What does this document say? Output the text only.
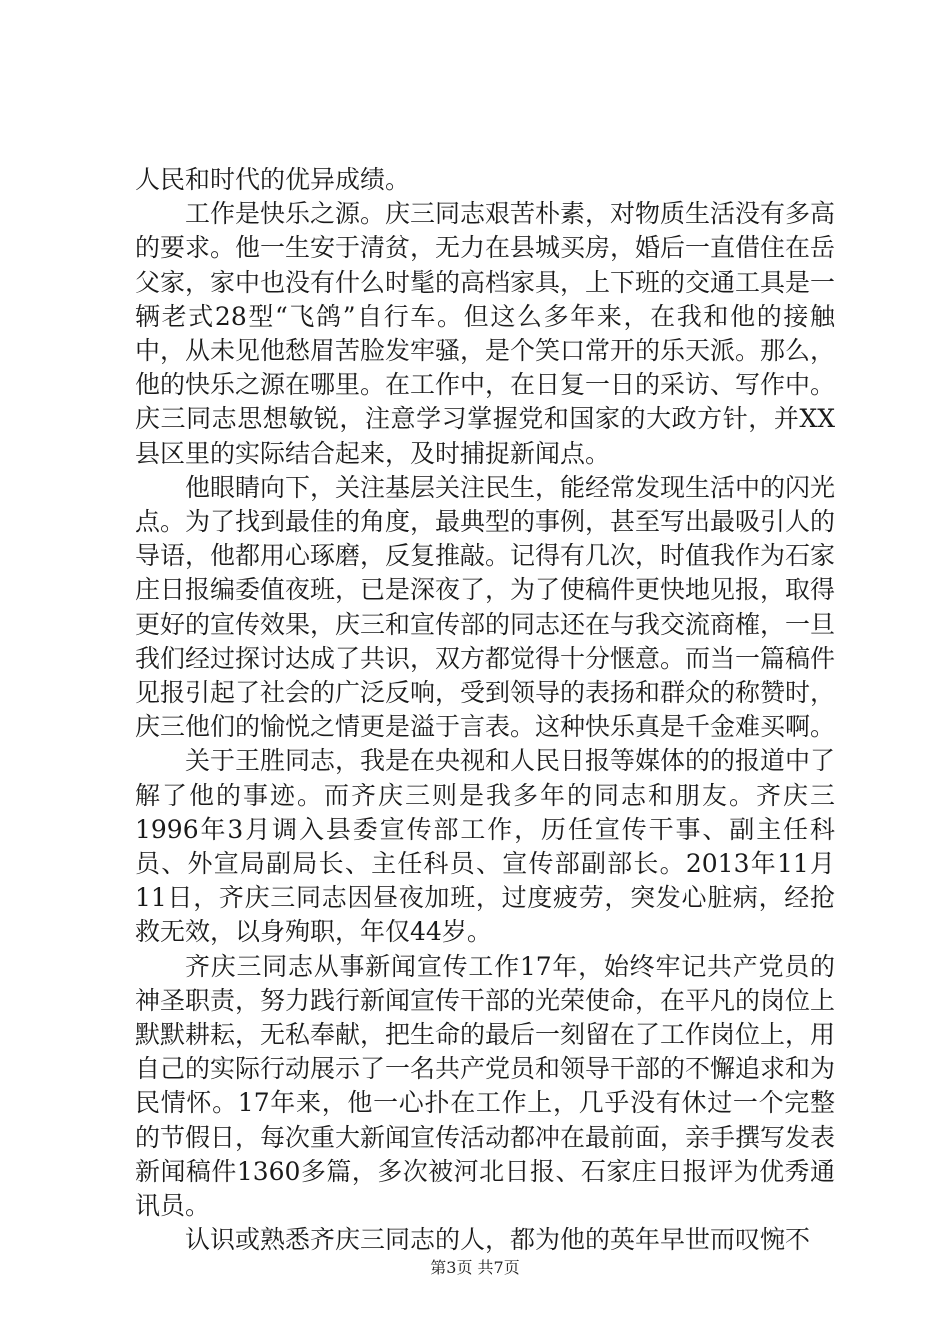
人民和时代的优异成绩。

工作是快乐之源。庆三同志艰苦朴素，对物质生活没有多高的要求。他一生安于清贫，无力在县城买房，婚后一直借住在岳父家，家中也没有什么时髦的高档家具，上下班的交通工具是一辆老式28型“飞鸽”自行车。但这么多年来，在我和他的接触中，从未见他愁眉苦脸发牢骚，是个笑口常开的乐天派。那么，他的快乐之源在哪里。在工作中，在日复一日的采访、写作中。庆三同志思想敏锐，注意学习掌握党和国家的大政方针，并XX县区里的实际结合起来，及时捕捉新闻点。

他眼睛向下，关注基层关注民生，能经常发现生活中的闪光点。为了找到最佳的角度，最典型的事例，甚至写出最吸引人的导语，他都用心琢磨，反复推敲。记得有几次，时值我作为石家庄日报编委值夜班，已是深夜了，为了使稿件更快地见报，取得更好的宣传效果，庆三和宣传部的同志还在与我交流商榷，一旦我们经过探讨达成了共识，双方都觉得十分惬意。而当一篇稿件见报引起了社会的广泛反响，受到领导的表扬和群众的称赞时，庆三他们的愉悦之情更是溢于言表。这种快乐真是千金难买啊。

关于王胜同志，我是在央视和人民日报等媒体的的报道中了解了他的事迹。而齐庆三则是我多年的同志和朋友。齐庆三1996年3月调入县委宣传部工作，历任宣传干事、副主任科员、外宣局副局长、主任科员、宣传部副部长。2013年11月11日，齐庆三同志因昼夜加班，过度疲劳，突发心脏病，经抢救无效，以身殉职，年仅44岁。

齐庆三同志从事新闻宣传工作17年，始终牢记共产党员的神圣职责，努力践行新闻宣传干部的光荣使命，在平凡的岗位上默默耕耘，无私奉献，把生命的最后一刻留在了工作岗位上，用自己的实际行动展示了一名共产党员和领导干部的不懈追求和为民情怀。17年来，他一心扑在工作上，几乎没有休过一个完整的节假日，每次重大新闻宣传活动都冲在最前面，亲手撰写发表新闻稿件1360多篇，多次被河北日报、石家庄日报评为优秀通讯员。

认识或熟悉齐庆三同志的人，都为他的英年早世而叹惋不

第3页 共7页
